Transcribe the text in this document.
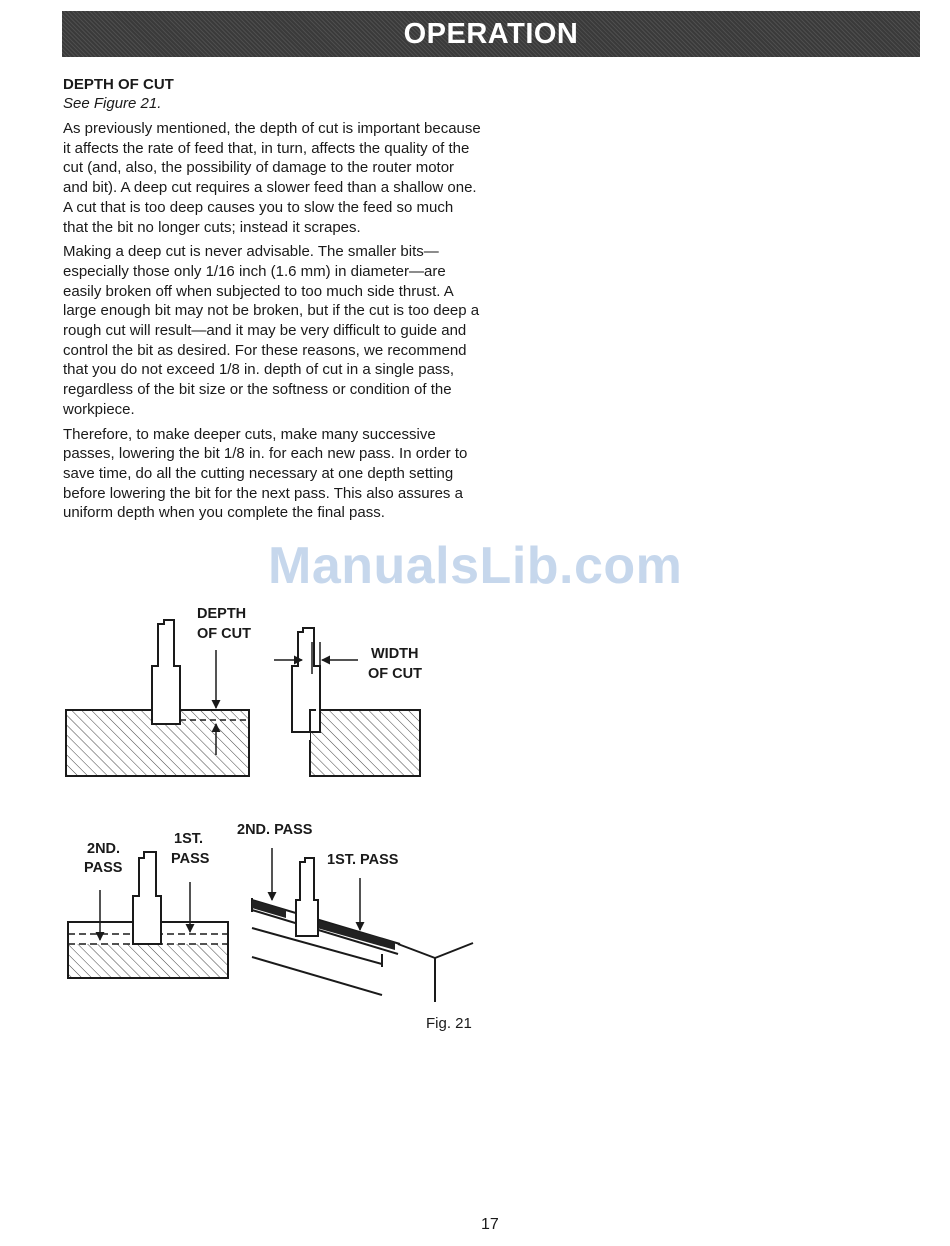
OPERATION

DEPTH OF CUT

See Figure 21.

As previously mentioned, the depth of cut is important because it affects the rate of feed that, in turn, affects the quality of the cut (and, also, the possibility of damage to the router motor and bit). A deep cut requires a slower feed than a shallow one. A cut that is too deep causes you to slow the feed so much that the bit no longer cuts; instead it scrapes.

Making a deep cut is never advisable. The smaller bits—especially those only 1/16 inch (1.6 mm) in diameter—are easily broken off when subjected to too much side thrust. A large enough bit may not be broken, but if the cut is too deep a rough cut will result—and it may be very difficult to guide and control the bit as desired. For these reasons, we recommend that you do not exceed 1/8 in. depth of cut in a single pass, regardless of the bit size or the softness or condition of the workpiece.

Therefore, to make deeper cuts, make many successive passes, lowering the bit 1/8 in. for each new pass. In order to save time, do all the cutting necessary at one depth setting before lowering the bit for the next pass. This also assures a uniform depth when you complete the final pass.

DEPTH
OF CUT
WIDTH
OF CUT
2ND.
PASS
1ST.
PASS
2ND. PASS
1ST. PASS
Fig. 21
ManualsLib.com
17
